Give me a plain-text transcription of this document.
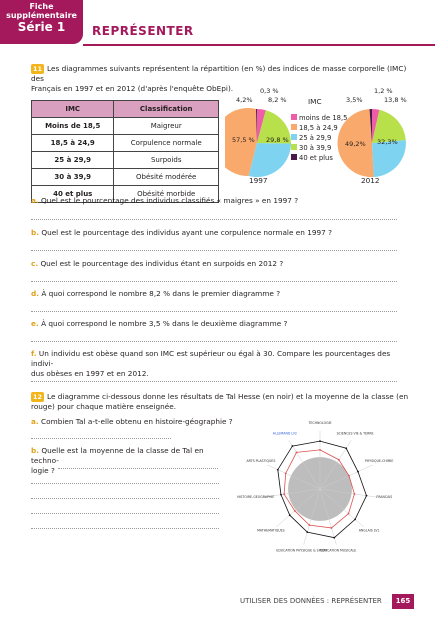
Fiche
supplémentaire
Série 1	REPRÉSENTER
11 Les diagrammes suivants représentent la répartition (en %) des indices de masse corporelle (IMC) des
Français en 1997 et en 2012 (d'après l'enquête ObEpi).
IMC	Classification
Moins de 18,5	Maigreur
18,5 à 24,9	Corpulence normale
25 à 29,9	Surpoids
30 à 39,9	Obésité modérée
40 et plus	Obésité morbide
4,2%
0,3 %
8,2 %
57,5 % 29,8 %
1997
3,5%
1,2 %
13,8 %
49,2% 32,3%
2012
IMC
moins de 18,5
18,5 à 24,9
25 à 29,9
30 à 39,9
40 et plus
a. Quel est le pourcentage des individus classifiés « maigres » en 1997 ?
b. Quel est le pourcentage des individus ayant une corpulence normale en 1997 ?
c. Quel est le pourcentage des individus étant en surpoids en 2012 ?
d. À quoi correspond le nombre 8,2 % dans le premier diagramme ?
e. À quoi correspond le nombre 3,5 % dans le deuxième diagramme ?
f. Un individu est obèse quand son IMC est supérieur ou égal à 30. Compare les pourcentages des indivi-
dus obèses en 1997 et en 2012.
12 Le diagramme ci-dessous donne les résultats de Tal Hesse (en noir) et la moyenne de la classe (en
rouge) pour chaque matière enseignée.
a. Combien Tal a-t-elle obtenu en histoire-géographie ?
b. Quelle est la moyenne de la classe de Tal en techno-
logie ?
TECHNOLOGIE
SCIENCES VIE & TERRE
PHYSIQUE-CHIMIE
FRANCAIS
ANGLAIS LV1
EDUCATION MUSICALE
EDUCATION PHYSIQUE & SPORT
MATHEMATIQUES
HISTOIRE-GEOGRAPHIE
ARTS PLASTIQUES
ALLEMAND LV2
UTILISER DES DONNÉES : REPRÉSENTER	165
